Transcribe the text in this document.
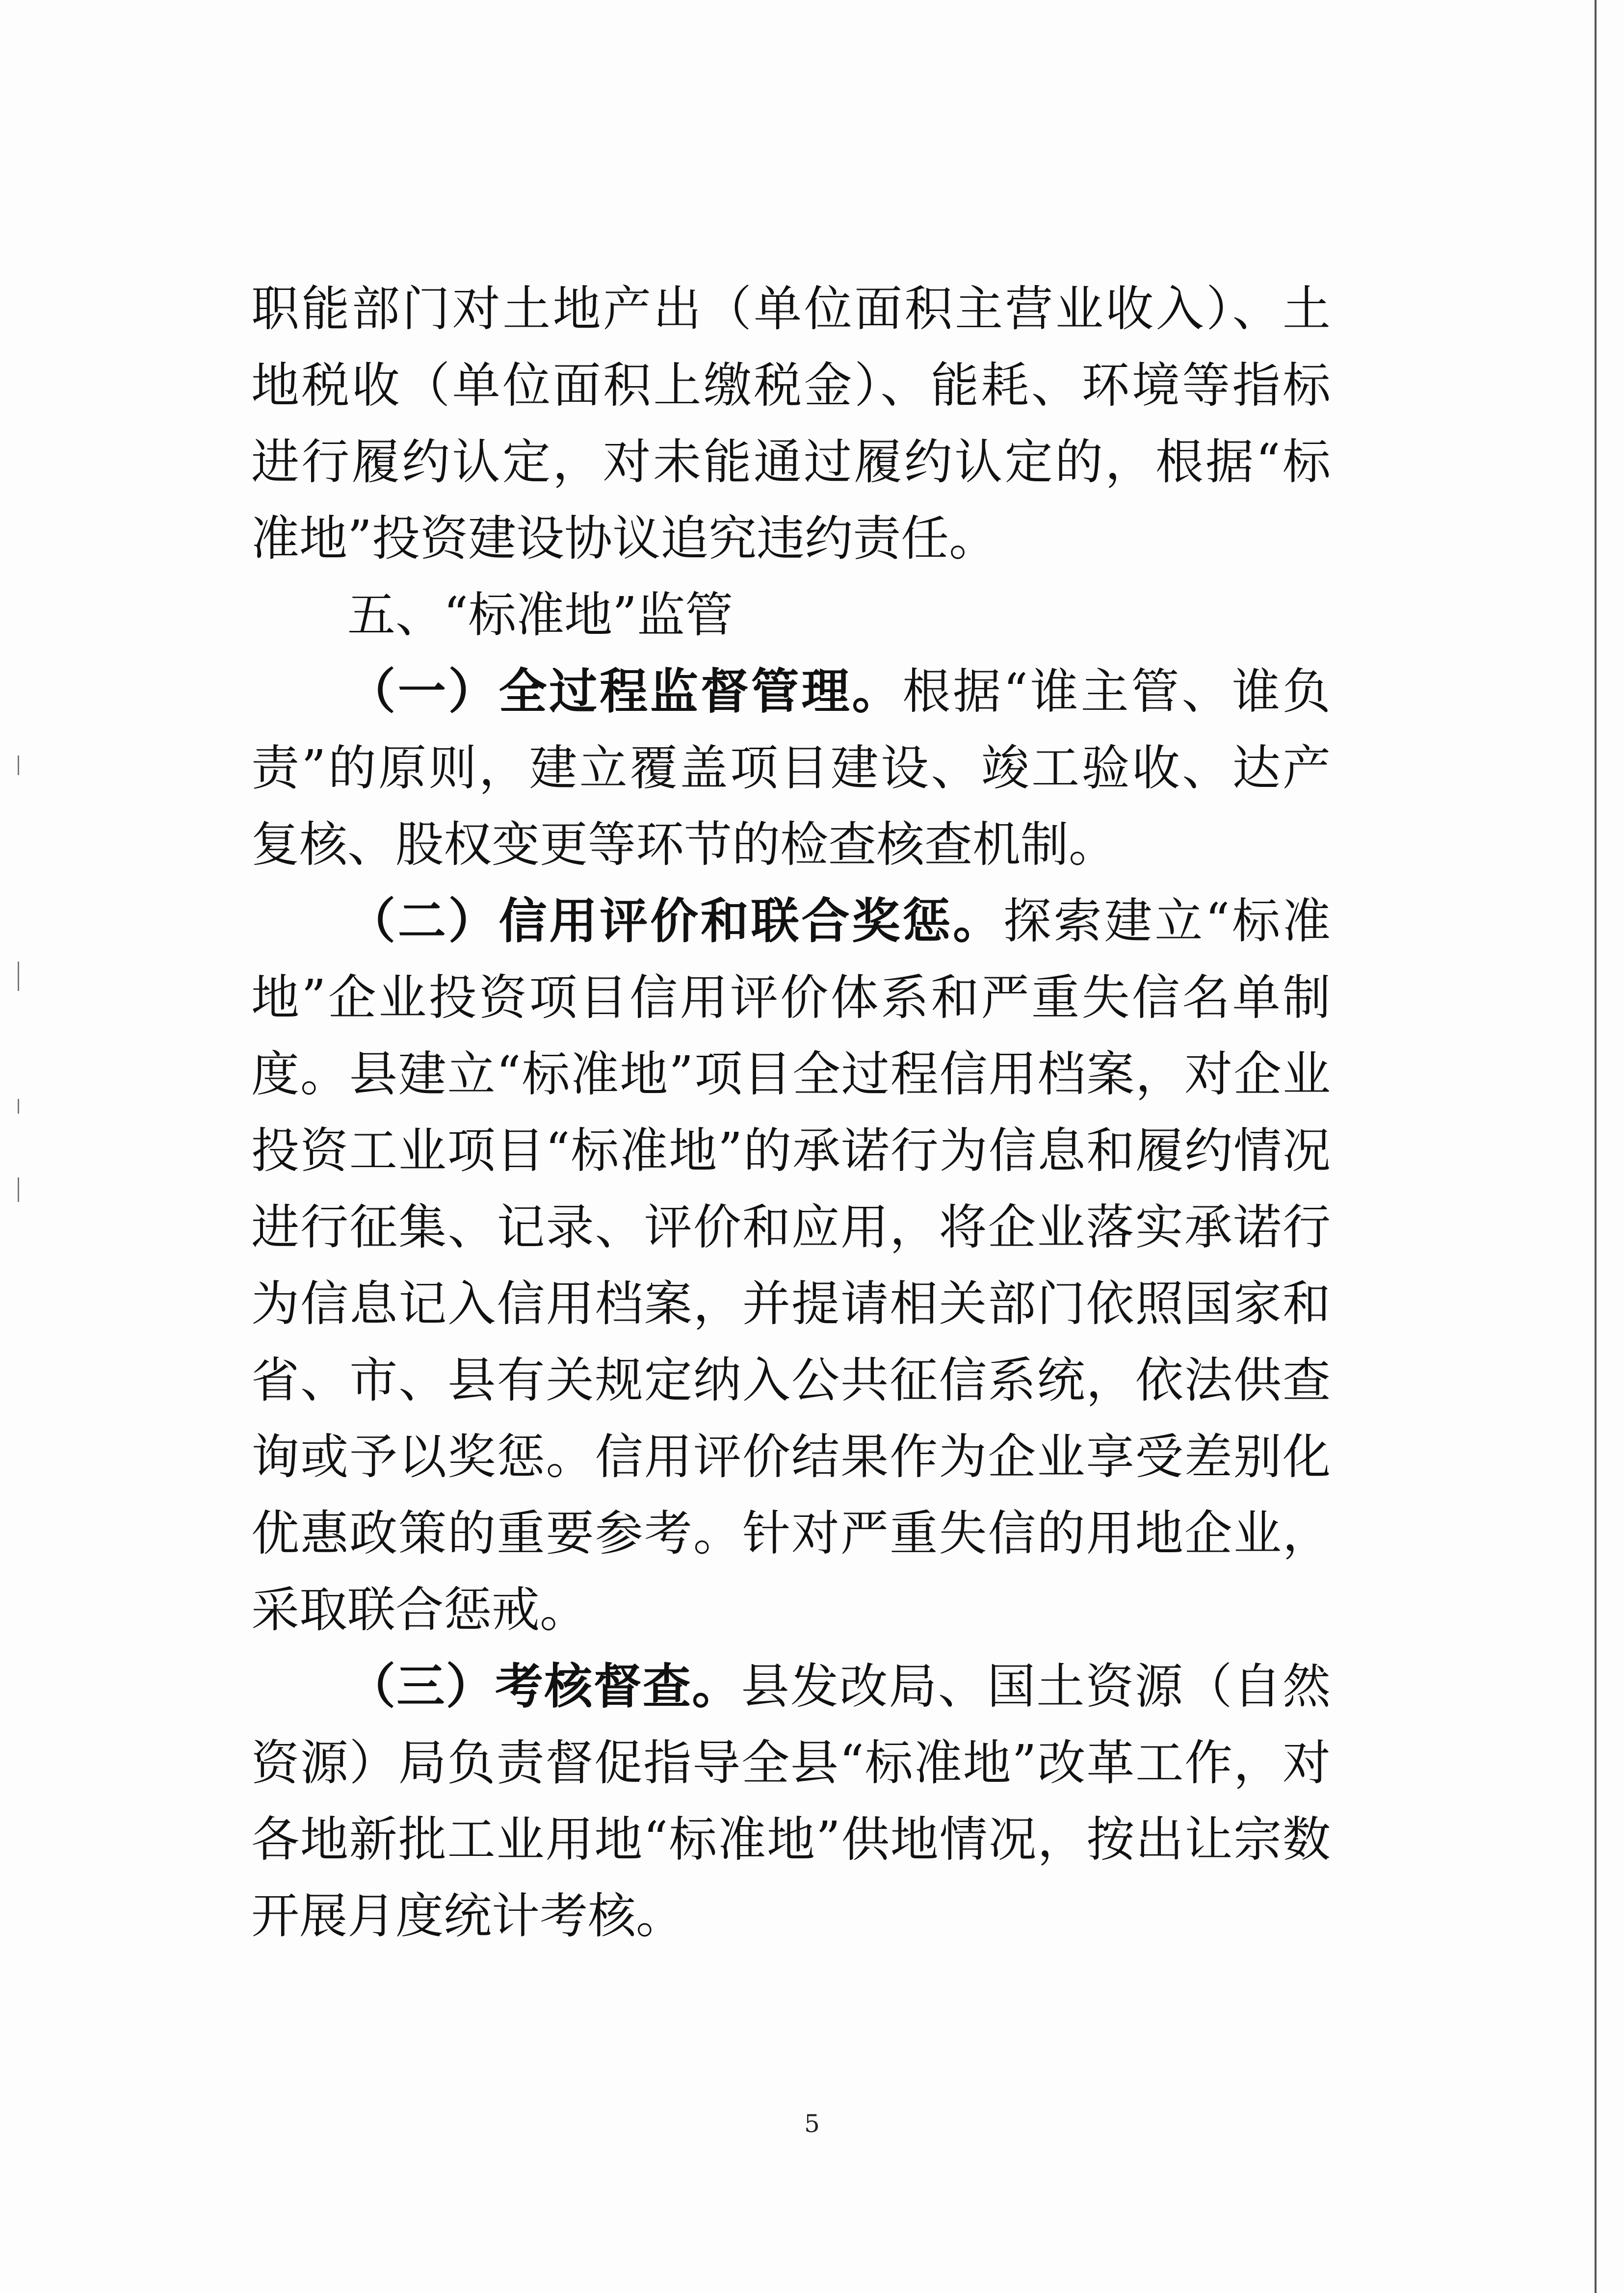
职能部门对土地产出（单位面积主营业收入）、土地税收（单位面积上缴税金）、能耗、环境等指标进行履约认定，对未能通过履约认定的，根据“标准地”投资建设协议追究违约责任。

五、“标准地”监管

（一）全过程监督管理。根据“谁主管、谁负责”的原则，建立覆盖项目建设、竣工验收、达产复核、股权变更等环节的检查核查机制。

（二）信用评价和联合奖惩。探索建立“标准地”企业投资项目信用评价体系和严重失信名单制度。县建立“标准地”项目全过程信用档案，对企业投资工业项目“标准地”的承诺行为信息和履约情况进行征集、记录、评价和应用，将企业落实承诺行为信息记入信用档案，并提请相关部门依照国家和省、市、县有关规定纳入公共征信系统，依法供查询或予以奖惩。信用评价结果作为企业享受差别化优惠政策的重要参考。针对严重失信的用地企业，采取联合惩戒。

（三）考核督查。县发改局、国土资源（自然资源）局负责督促指导全县“标准地”改革工作，对各地新批工业用地“标准地”供地情况，按出让宗数开展月度统计考核。

5
